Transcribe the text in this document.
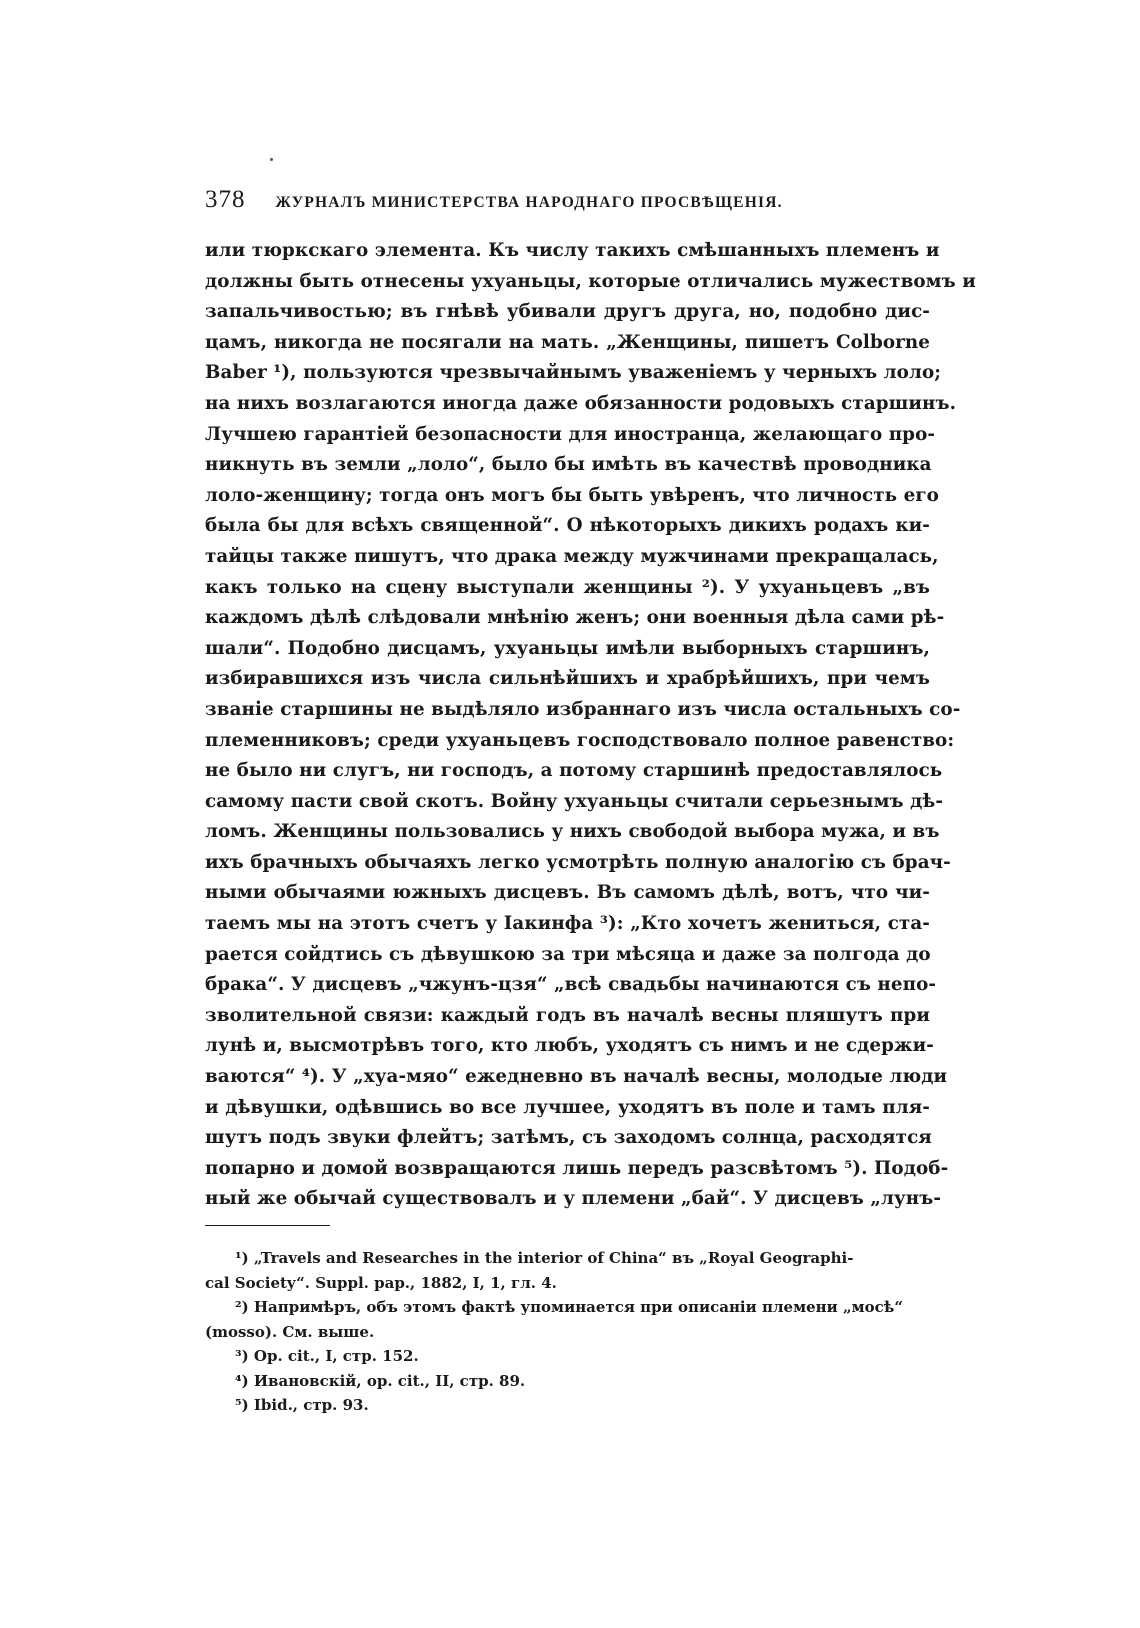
378 ЖУРНАЛЪ МИНИСТЕРСТВА НАРОДНАГО ПРОСВѢЩЕНІЯ.
или тюркскаго элемента. Къ числу такихъ смѣшанныхъ племенъ и
должны быть отнесены ухуаньцы, которые отличались мужествомъ и
запальчивостью; въ гнѣвѣ убивали другъ друга, но, подобно дис-
цамъ, никогда не посягали на мать. „Женщины, пишетъ Colborne
Baber ¹), пользуются чрезвычайнымъ уваженіемъ у черныхъ лоло;
на нихъ возлагаются иногда даже обязанности родовыхъ старшинъ.
Лучшею гарантіей безопасности для иностранца, желающаго про-
никнуть въ земли „лоло“, было бы имѣть въ качествѣ проводника
лоло-женщину; тогда онъ могъ бы быть увѣренъ, что личность его
была бы для всѣхъ священной“. О нѣкоторыхъ дикихъ родахъ ки-
тайцы также пишутъ, что драка между мужчинами прекращалась,
какъ только на сцену выступали женщины ²). У ухуаньцевъ „въ
каждомъ дѣлѣ слѣдовали мнѣнію женъ; они военныя дѣла сами рѣ-
шали“. Подобно дисцамъ, ухуаньцы имѣли выборныхъ старшинъ,
избиравшихся изъ числа сильнѣйшихъ и храбрѣйшихъ, при чемъ
званіе старшины не выдѣляло избраннаго изъ числа остальныхъ со-
племенниковъ; среди ухуаньцевъ господствовало полное равенство:
не было ни слугъ, ни господъ, а потому старшинѣ предоставлялось
самому пасти свой скотъ. Войну ухуаньцы считали серьезнымъ дѣ-
ломъ. Женщины пользовались у нихъ свободой выбора мужа, и въ
ихъ брачныхъ обычаяхъ легко усмотрѣть полную аналогію съ брач-
ными обычаями южныхъ дисцевъ. Въ самомъ дѣлѣ, вотъ, что чи-
таемъ мы на этотъ счетъ у Іакинфа ³): „Кто хочетъ жениться, ста-
рается сойдтись съ дѣвушкою за три мѣсяца и даже за полгода до
брака“. У дисцевъ „чжунъ-цзя“ „всѣ свадьбы начинаются съ непо-
зволительной связи: каждый годъ въ началѣ весны пляшутъ при
лунѣ и, высмотрѣвъ того, кто любъ, уходятъ съ нимъ и не сдержи-
ваются“ ⁴). У „хуа-мяо“ ежедневно въ началѣ весны, молодые люди
и дѣвушки, одѣвшись во все лучшее, уходятъ въ поле и тамъ пля-
шутъ подъ звуки флейтъ; затѣмъ, съ заходомъ солнца, расходятся
попарно и домой возвращаются лишь передъ разсвѣтомъ ⁵). Подоб-
ный же обычай существовалъ и у племени „бай“. У дисцевъ „лунъ-
¹) „Travels and Researches in the interior of China“ въ „Royal Geographi-
cal Society“. Suppl. pap., 1882, I, 1, гл. 4.
²) Напримѣръ, объ этомъ фактѣ упоминается при описаніи племени „мосѣ“
(mosso). См. выше.
³) Op. cit., I, стр. 152.
⁴) Ивановскій, op. cit., II, стр. 89.
⁵) Ibid., стр. 93.
